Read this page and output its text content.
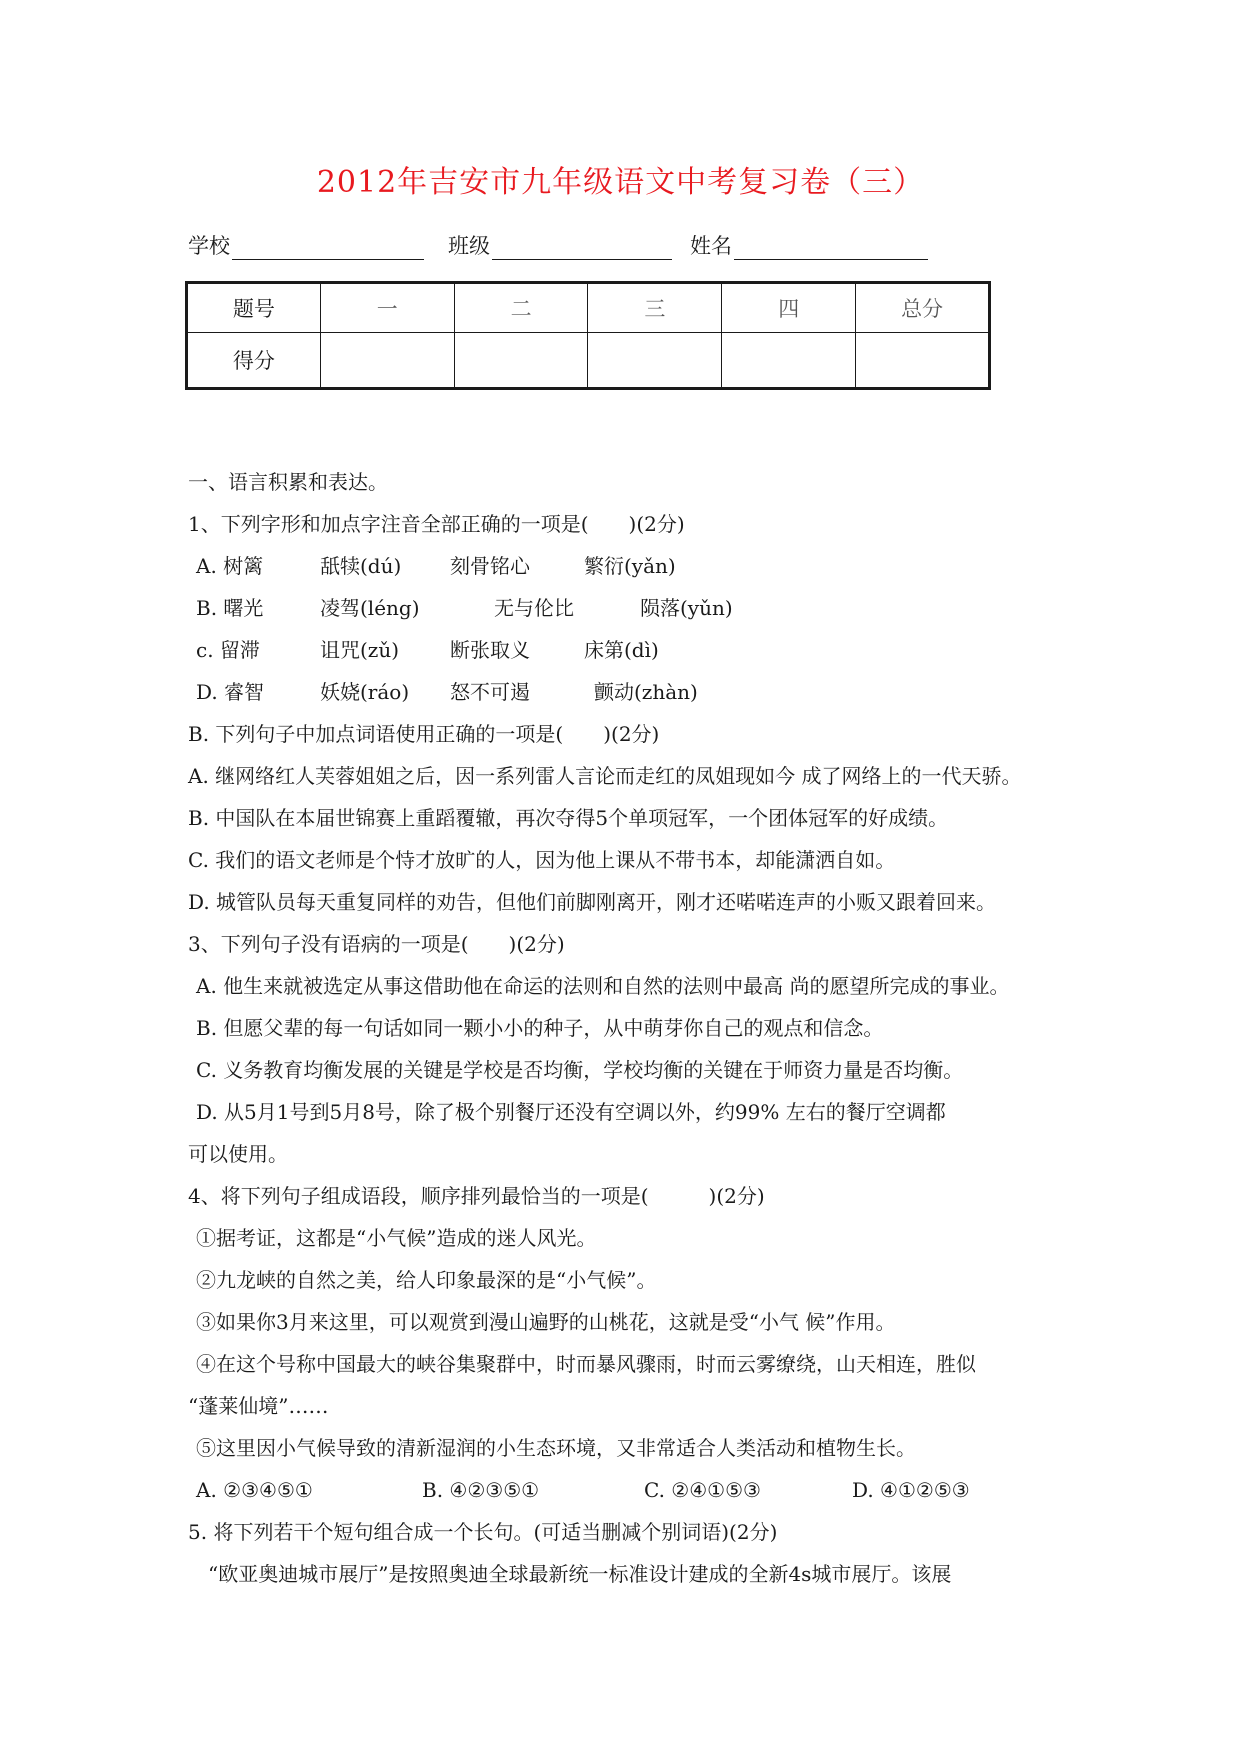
2012年吉安市九年级语文中考复习卷（三）
学校	班级	姓名
题号	一	二	三	四	总分
得分					
一、语言积累和表达。
1、下列字形和加点字注音全部正确的一项是(　　)(2分)
A. 树篱	舐犊(dú) 刻骨铭心	繁衍(yǎn)
B. 曙光	凌驾(léng)	无与伦比	陨落(yǔn)
c. 留滞	诅咒(zǔ)	断张取义	床第(dì)
D. 睿智	妖娆(ráo) 怒不可遏	颤动(zhàn)
B. 下列句子中加点词语使用正确的一项是(　　)(2分)
A. 继网络红人芙蓉姐姐之后，因一系列雷人言论而走红的凤姐现如今 成了网络上的一代天骄。
B. 中国队在本届世锦赛上重蹈覆辙，再次夺得5个单项冠军，一个团体冠军的好成绩。
C. 我们的语文老师是个恃才放旷的人，因为他上课从不带书本，却能潇洒自如。
D. 城管队员每天重复同样的劝告，但他们前脚刚离开，刚才还喏喏连声的小贩又跟着回来。
3、下列句子没有语病的一项是(　　)(2分)
A. 他生来就被选定从事这借助他在命运的法则和自然的法则中最高 尚的愿望所完成的事业。
B. 但愿父辈的每一句话如同一颗小小的种子，从中萌芽你自己的观点和信念。
C. 义务教育均衡发展的关键是学校是否均衡，学校均衡的关键在于师资力量是否均衡。
D. 从5月1号到5月8号，除了极个别餐厅还没有空调以外，约99% 左右的餐厅空调都
可以使用。
4、将下列句子组成语段，顺序排列最恰当的一项是(　　　)(2分)
①据考证，这都是“小气候”造成的迷人风光。
②九龙峡的自然之美，给人印象最深的是“小气候”。
③如果你3月来这里，可以观赏到漫山遍野的山桃花，这就是受“小气 候”作用。
④在这个号称中国最大的峡谷集聚群中，时而暴风骤雨，时而云雾缭绕，山天相连，胜似
“蓬莱仙境”……
⑤这里因小气候导致的清新湿润的小生态环境，又非常适合人类活动和植物生长。
A. ②③④⑤①	B. ④②③⑤①	C. ②④①⑤③	D. ④①②⑤③
5. 将下列若干个短句组合成一个长句。(可适当删减个别词语)(2分)
“欧亚奥迪城市展厅”是按照奥迪全球最新统一标准设计建成的全新4s城市展厅。该展
